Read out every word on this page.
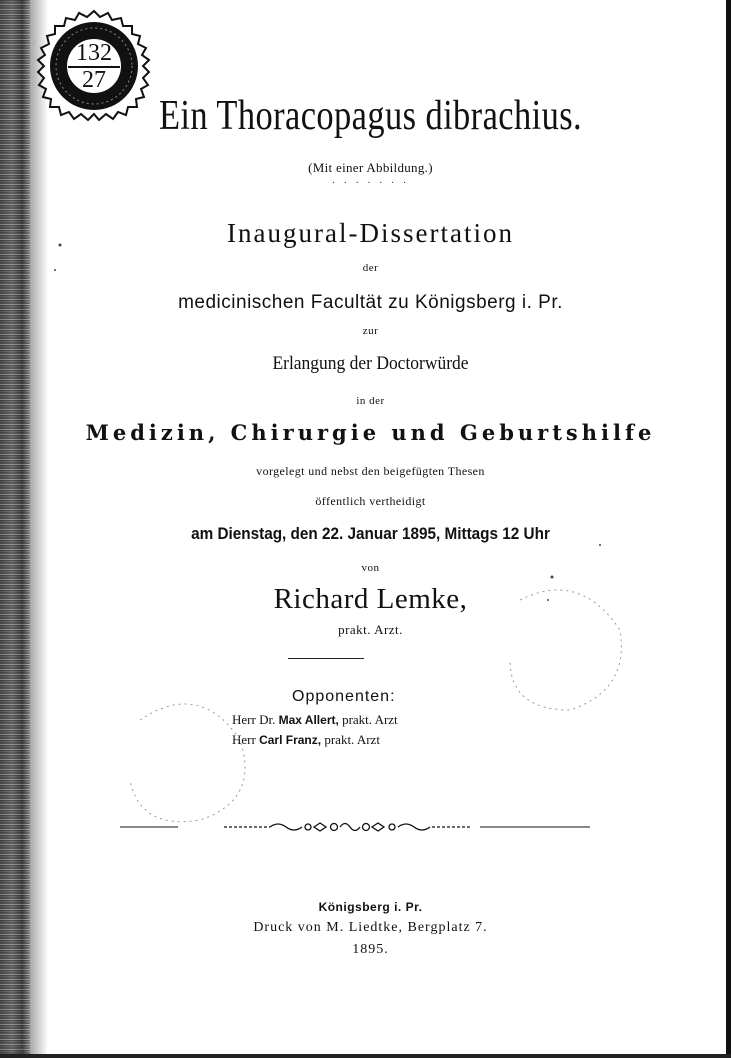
132
27
Ein Thoracopagus dibrachius.
(Mit einer Abbildung.)
· · · · · · ·
Inaugural-Dissertation
der
medicinischen Facultät zu Königsberg i. Pr.
zur
Erlangung der Doctorwürde
in der
Medizin, Chirurgie und Geburtshilfe
vorgelegt und nebst den beigefügten Thesen
öffentlich vertheidigt
am Dienstag, den 22. Januar 1895, Mittags 12 Uhr
von
Richard Lemke,
prakt. Arzt.
Opponenten:
Herr Dr. Max Allert, prakt. Arzt
Herr Carl Franz, prakt. Arzt
Königsberg i. Pr.
Druck von M. Liedtke, Bergplatz 7.
1895.
